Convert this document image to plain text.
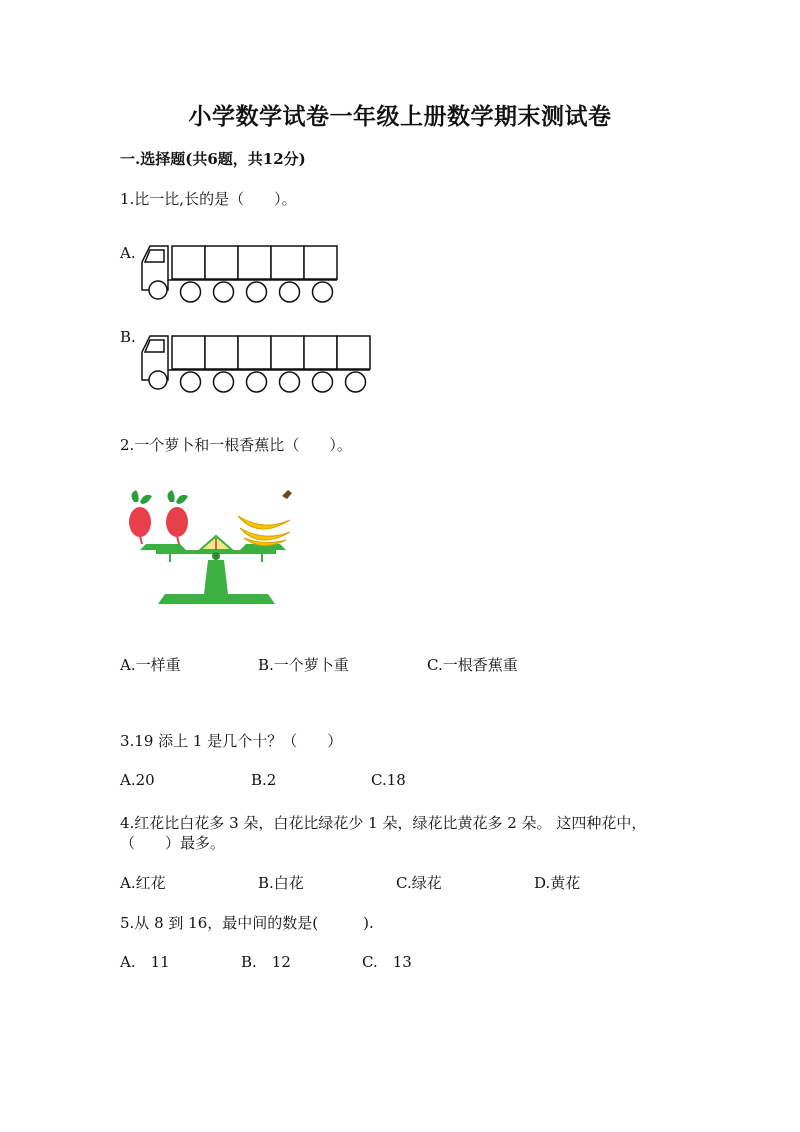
小学数学试卷一年级上册数学期末测试卷
一.选择题(共6题，共12分)
1.比一比,长的是（　　）。
A.
B.
2.一个萝卜和一根香蕉比（　　）。
A.一样重	B.一个萝卜重	C.一根香蕉重
3.19 添上 1 是几个十？（　　）
A.20	B.2	C.18
4.红花比白花多 3 朵，白花比绿花少 1 朵，绿花比黄花多 2 朵。 这四种花中，
（　　）最多。
A.红花	B.白花	C.绿花	D.黄花
5.从 8 到 16，最中间的数是(　　　).
A.　11	B.　12	C.　13
